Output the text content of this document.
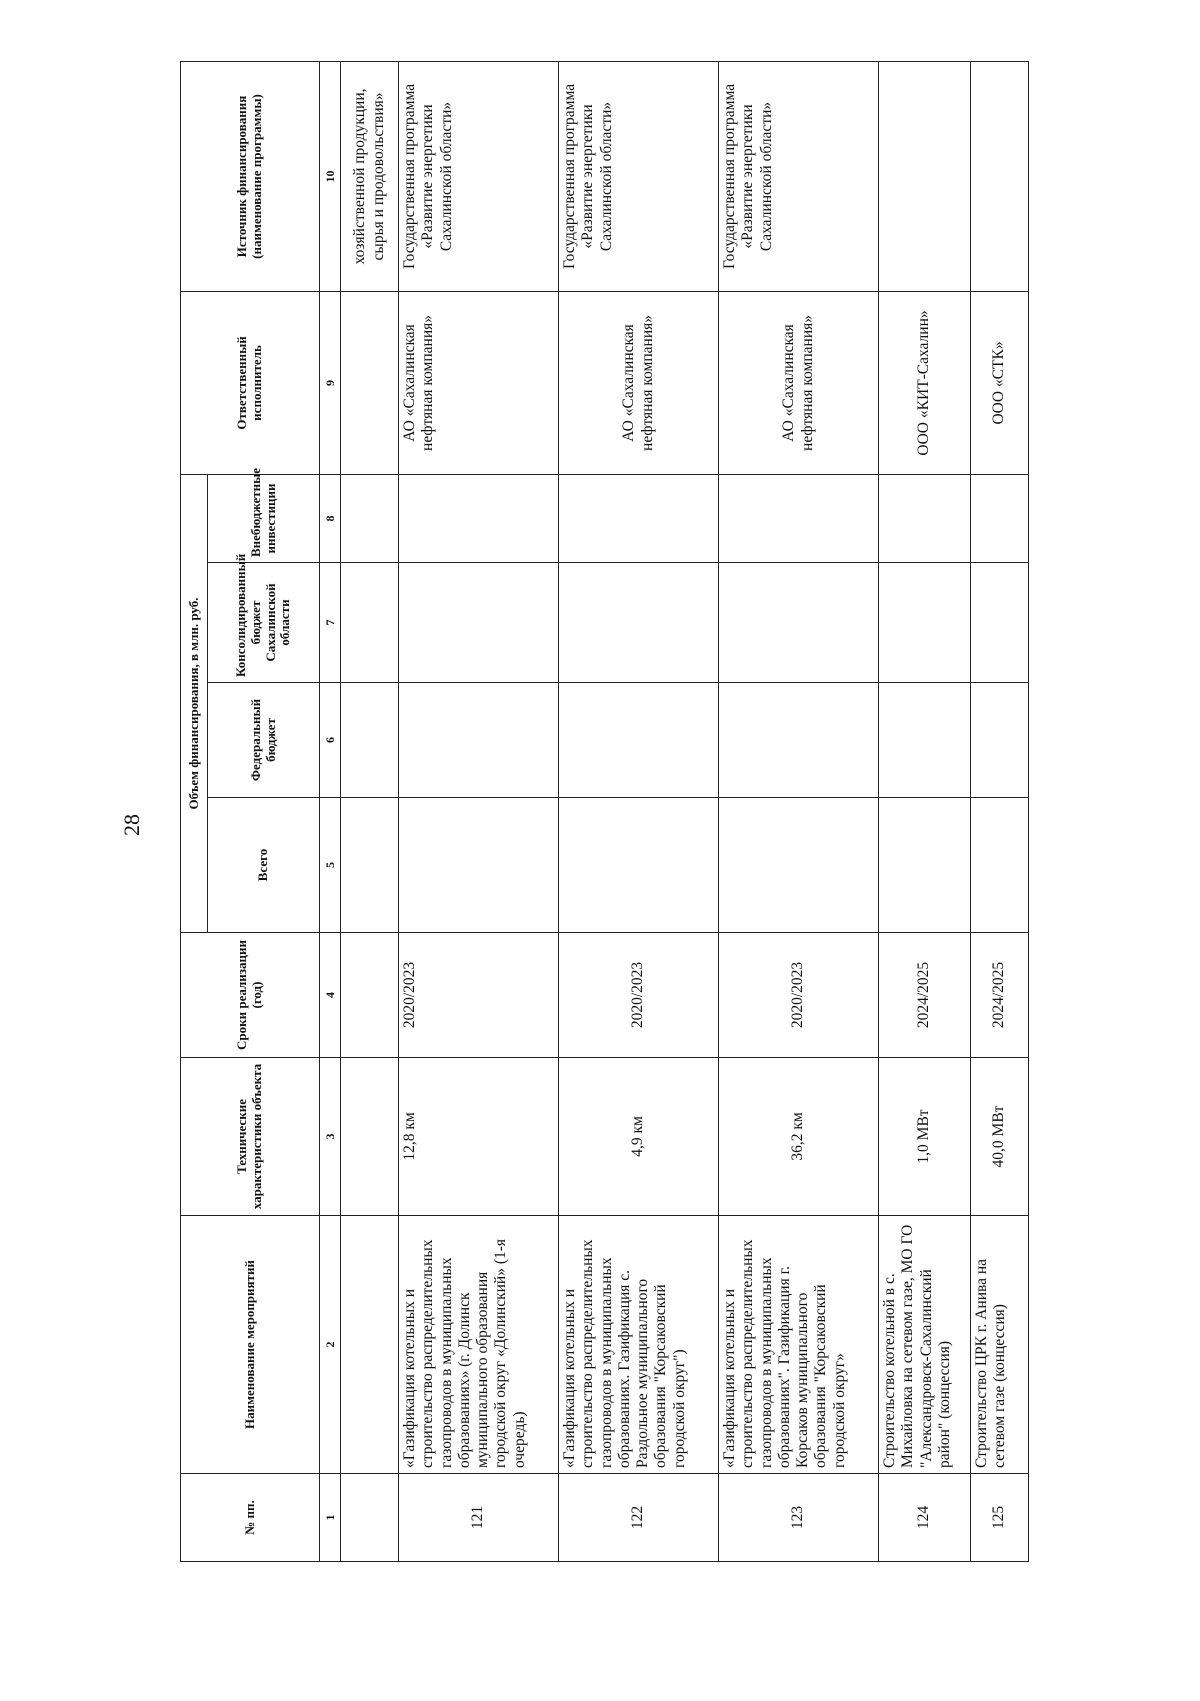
28
№ пп.	Наименование мероприятий	Технические характеристики объекта	Сроки реализации (год)	Объем финансирования, в млн. руб.				Ответственный исполнитель	Источник финансирования (наименование программы)
				Всего	Федеральный бюджет	Консолидированный бюджет Сахалинской области	Внебюджетные инвестиции		
1	2	3	4	5	6	7	8	9	10
									хозяйственной продукции, сырья и продовольствия»
121	«Газификация котельных и строительство распределительных газопроводов в муниципальных образованиях» (г. Долинск муниципального образования городской округ «Долинский» (1-я очередь)	12,8 км	2020/2023					АО «Сахалинская нефтяная компания»	Государственная программа «Развитие энергетики Сахалинской области»
122	«Газификация котельных и строительство распределительных газопроводов в муниципальных образованиях. Газификация с. Раздольное муниципального образования "Корсаковский городской округ")	4,9 км	2020/2023					АО «Сахалинская нефтяная компания»	Государственная программа «Развитие энергетики Сахалинской области»
123	«Газификация котельных и строительство распределительных газопроводов в муниципальных образованиях". Газификация г. Корсаков муниципального образования "Корсаковский городской округ»	36,2 км	2020/2023					АО «Сахалинская нефтяная компания»	Государственная программа «Развитие энергетики Сахалинской области»
124	Строительство котельной в с. Михайловка на сетевом газе, МО ГО "Александровск-Сахалинский район" (концессия)	1,0 МВт	2024/2025					ООО «КИТ-Сахалин»	
125	Строительство ЦРК г. Анива на сетевом газе (концессия)	40,0 МВт	2024/2025					ООО «СТК»	
